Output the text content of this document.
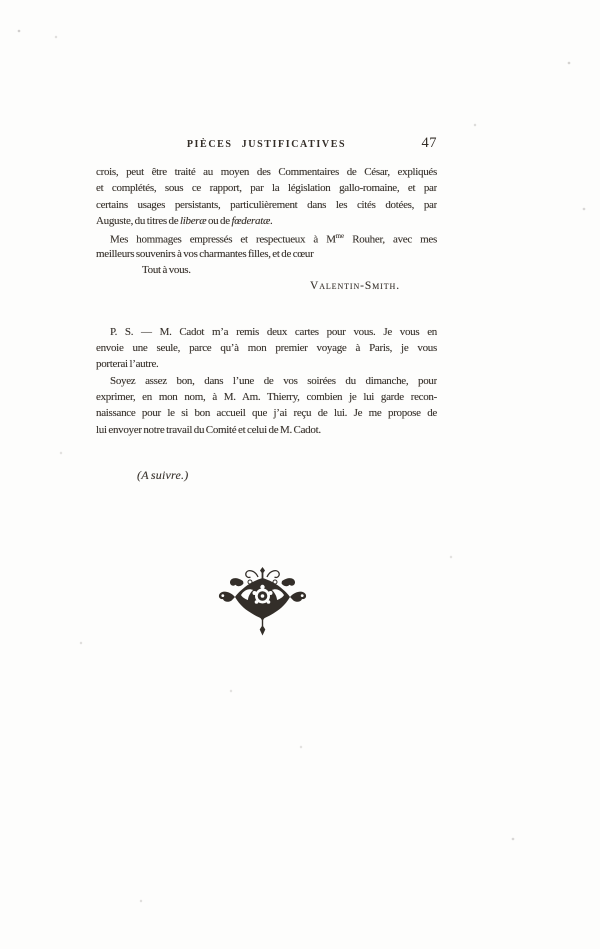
PIÈCES JUSTIFICATIVES	47
crois, peut être traité au moyen des Commentaires de César, expliqués
et complétés, sous ce rapport, par la législation gallo-romaine, et par
certains usages persistants, particulièrement dans les cités dotées, par
Auguste, du titres de liberæ ou de fœderatæ.
Mes hommages empressés et respectueux à $M^{me}$ Rouher, avec mes
meilleurs souvenirs à vos charmantes filles, et de cœur
Tout à vous.
Valentin-Smith.
P. S. — M. Cadot m’a remis deux cartes pour vous. Je vous en
envoie une seule, parce qu’à mon premier voyage à Paris, je vous
porterai l’autre.
Soyez assez bon, dans l’une de vos soirées du dimanche, pour
exprimer, en mon nom, à M. Am. Thierry, combien je lui garde recon-
naissance pour le si bon accueil que j’ai reçu de lui. Je me propose de
lui envoyer notre travail du Comité et celui de M. Cadot.
(A suivre.)
